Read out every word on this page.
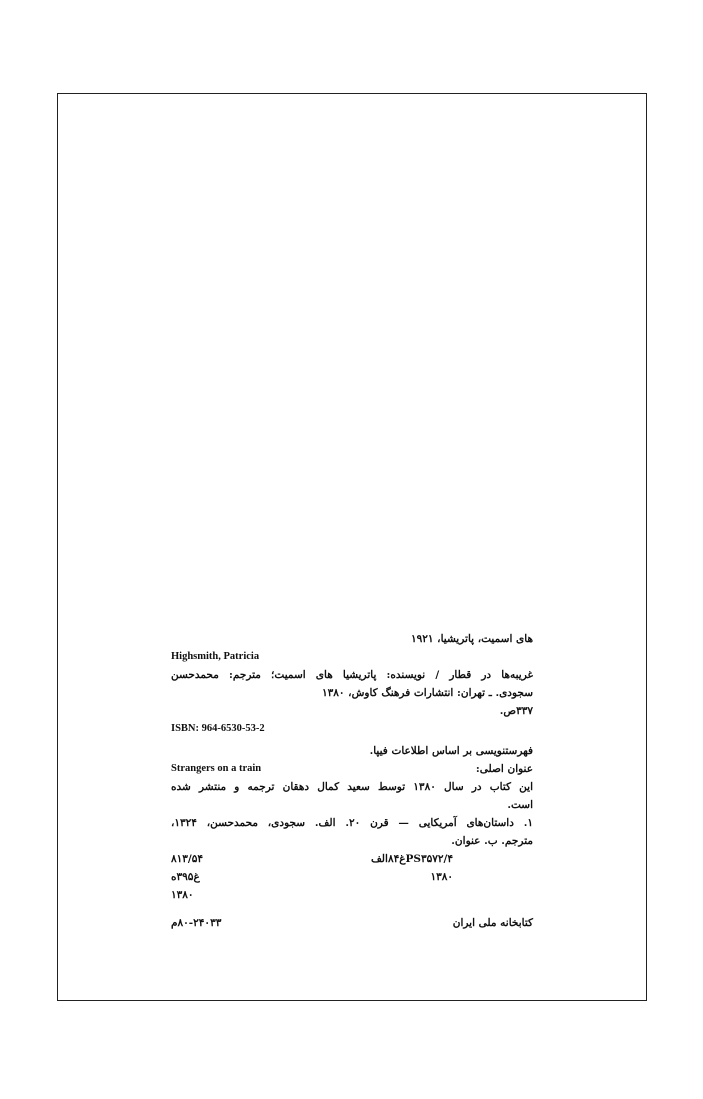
های اسمیت، پاتریشیا، ۱۹۲۱
Highsmith, Patricia
غریبه‌ها در قطار / نویسنده: پاتریشیا های اسمیت؛ مترجم: محمدحسن
سجودی. ـ تهران: انتشارات فرهنگ کاوش، ۱۳۸۰
۳۳۷ص.
ISBN: 964-6530-53-2
فهرستنویسی بر اساس اطلاعات فیپا.
عنوان اصلی:
Strangers on a train
این کتاب در سال ۱۳۸۰ توسط سعید کمال دهقان ترجمه و منتشر شده
است.
۱. داستان‌های آمریکایی — قرن ۲۰. الف. سجودی، محمدحسن، ۱۳۲۴،
مترجم. ب. عنوان.
PS۳۵۷۲/۴غ۸۴الف
۸۱۳/۵۴
۱۳۸۰
غ۳۹۵ه
۱۳۸۰
کتابخانه ملی ایران
۸۰-۲۴۰۳۳م
